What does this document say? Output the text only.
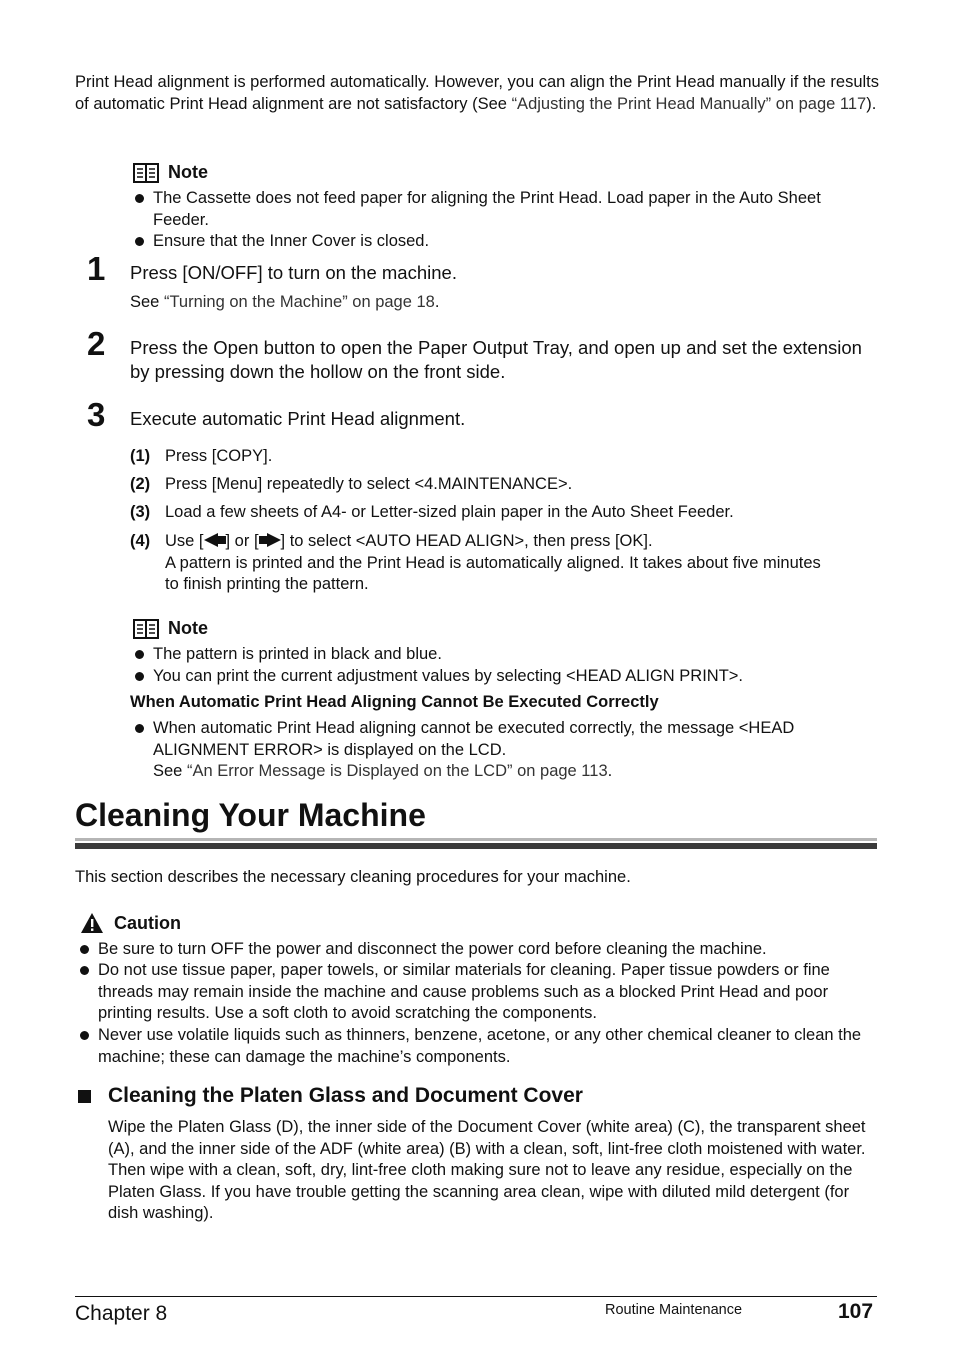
Print Head alignment is performed automatically. However, you can align the Print Head manually if the results of automatic Print Head alignment are not satisfactory (See “Adjusting the Print Head Manually” on page 117).
Note
The Cassette does not feed paper for aligning the Print Head. Load paper in the Auto Sheet Feeder.
Ensure that the Inner Cover is closed.
1 Press [ON/OFF] to turn on the machine.
See “Turning on the Machine” on page 18.
2 Press the Open button to open the Paper Output Tray, and open up and set the extension by pressing down the hollow on the front side.
3 Execute automatic Print Head alignment.
(1) Press [COPY].
(2) Press [Menu] repeatedly to select <4.MAINTENANCE>.
(3) Load a few sheets of A4- or Letter-sized plain paper in the Auto Sheet Feeder.
(4) Use [ ] or [ ] to select <AUTO HEAD ALIGN>, then press [OK].
A pattern is printed and the Print Head is automatically aligned. It takes about five minutes to finish printing the pattern.
Note
The pattern is printed in black and blue.
You can print the current adjustment values by selecting <HEAD ALIGN PRINT>.
When Automatic Print Head Aligning Cannot Be Executed Correctly
When automatic Print Head aligning cannot be executed correctly, the message <HEAD ALIGNMENT ERROR> is displayed on the LCD.
See “An Error Message is Displayed on the LCD” on page 113.
Cleaning Your Machine
This section describes the necessary cleaning procedures for your machine.
Caution
Be sure to turn OFF the power and disconnect the power cord before cleaning the machine.
Do not use tissue paper, paper towels, or similar materials for cleaning. Paper tissue powders or fine threads may remain inside the machine and cause problems such as a blocked Print Head and poor printing results. Use a soft cloth to avoid scratching the components.
Never use volatile liquids such as thinners, benzene, acetone, or any other chemical cleaner to clean the machine; these can damage the machine’s components.
Cleaning the Platen Glass and Document Cover
Wipe the Platen Glass (D), the inner side of the Document Cover (white area) (C), the transparent sheet (A), and the inner side of the ADF (white area) (B) with a clean, soft, lint-free cloth moistened with water. Then wipe with a clean, soft, dry, lint-free cloth making sure not to leave any residue, especially on the Platen Glass. If you have trouble getting the scanning area clean, wipe with diluted mild detergent (for dish washing).
Chapter 8	Routine Maintenance	107
